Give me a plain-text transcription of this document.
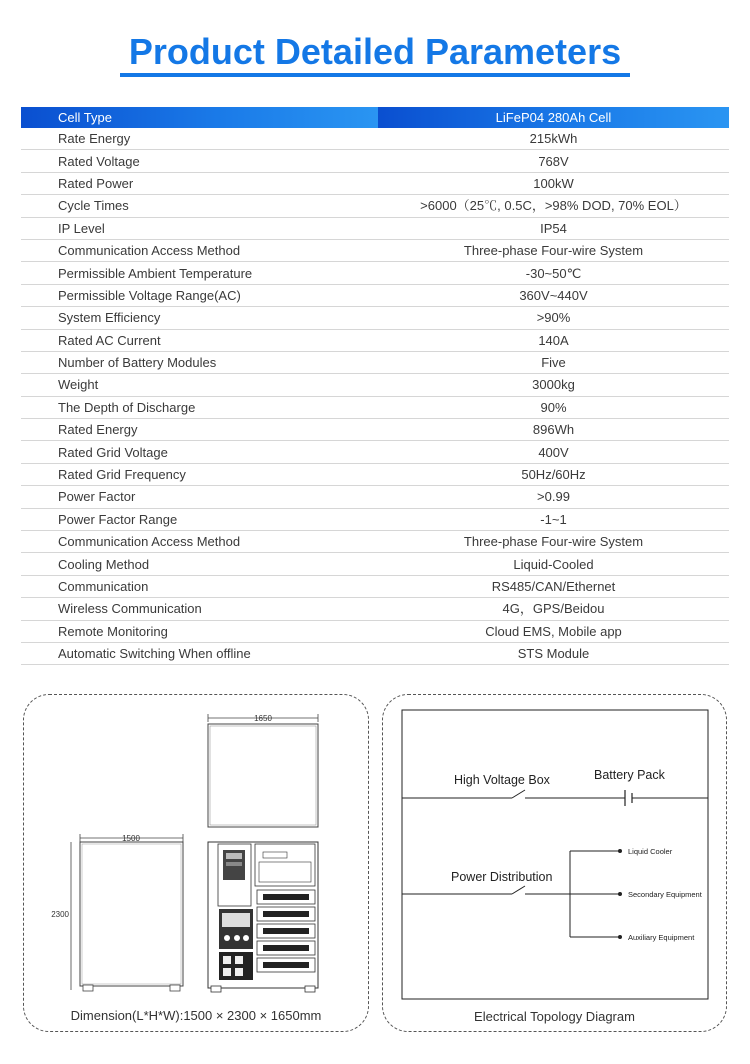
Product Detailed Parameters
Cell Type	LiFeP04 280Ah Cell
Rate Energy	215kWh
Rated Voltage	768V
Rated Power	100kW
Cycle Times	>6000（25℃, 0.5C，>98% DOD, 70% EOL）
IP Level	IP54
Communication Access Method	Three-phase Four-wire System
Permissible Ambient Temperature	-30~50℃
Permissible Voltage Range(AC)	360V~440V
System Efficiency	>90%
Rated AC Current	140A
Number of Battery Modules	Five
Weight	3000kg
The Depth of Discharge	90%
Rated Energy	896Wh
Rated Grid Voltage	400V
Rated Grid Frequency	50Hz/60Hz
Power Factor	>0.99
Power Factor Range	-1~1
Communication Access Method	Three-phase Four-wire System
Cooling Method	Liquid-Cooled
Communication	RS485/CAN/Ethernet
Wireless Communication	4G，GPS/Beidou
Remote Monitoring	Cloud EMS, Mobile app
Automatic Switching When offline	STS Module
1650
1500
2300
Dimension(L*H*W):1500 × 2300 × 1650mm
High Voltage Box	Battery Pack
Power Distribution
Liquid Cooler
Secondary Equipment
Auxiliary Equipment
Electrical Topology Diagram
